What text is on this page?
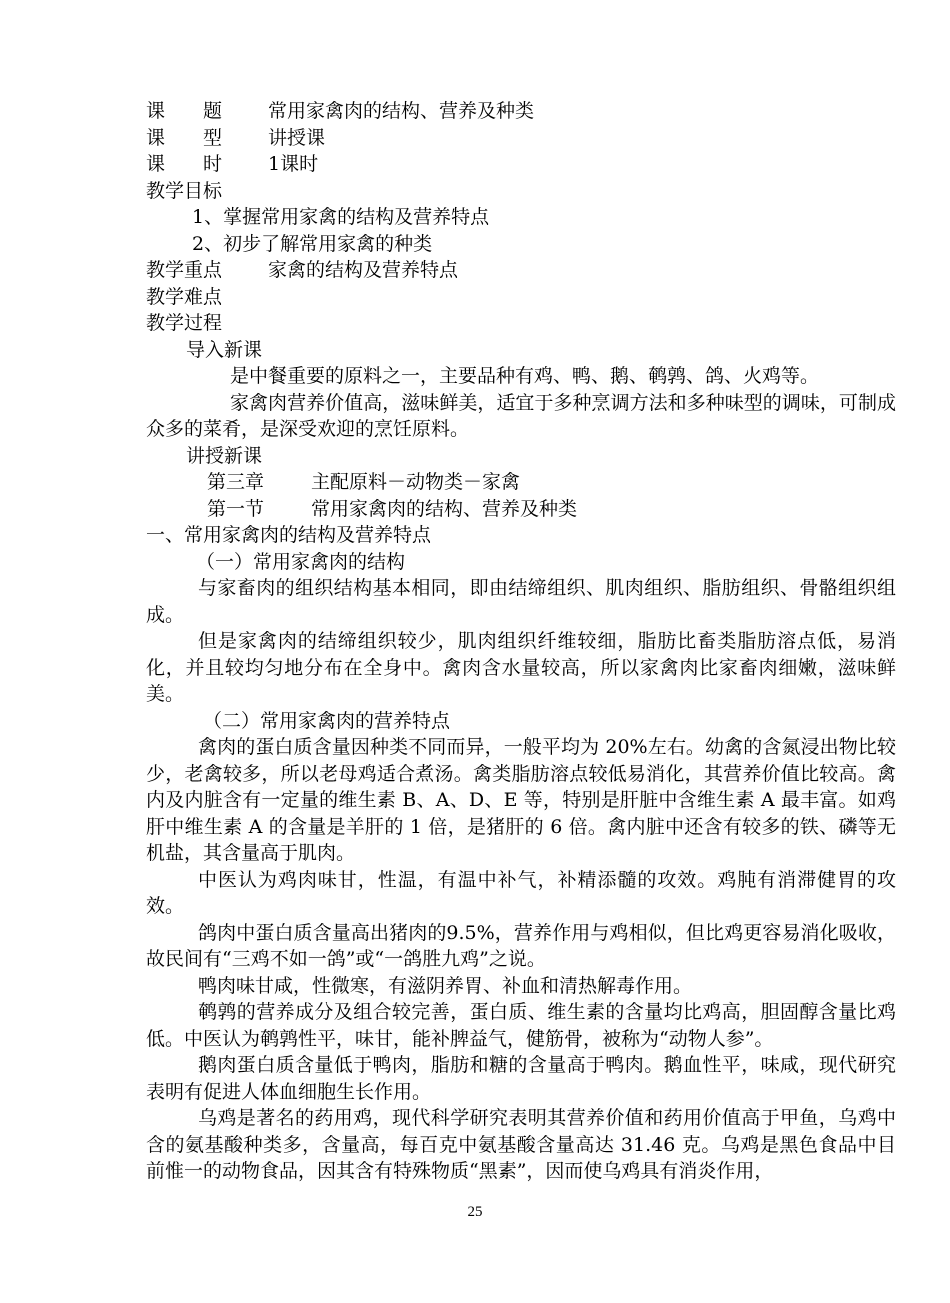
课　　题 常用家禽肉的结构、营养及种类
课　　型 讲授课
课　　时 1课时
教学目标
1、掌握常用家禽的结构及营养特点
2、初步了解常用家禽的种类
教学重点 家禽的结构及营养特点
教学难点
教学过程
导入新课
是中餐重要的原料之一，主要品种有鸡、鸭、鹅、鹌鹑、鸽、火鸡等。
家禽肉营养价值高，滋味鲜美，适宜于多种烹调方法和多种味型的调味，可制成众多的菜肴，是深受欢迎的烹饪原料。
讲授新课
第三章 主配原料－动物类－家禽
第一节 常用家禽肉的结构、营养及种类
一、常用家禽肉的结构及营养特点
（一）常用家禽肉的结构
与家畜肉的组织结构基本相同，即由结缔组织、肌肉组织、脂肪组织、骨骼组织组成。
但是家禽肉的结缔组织较少，肌肉组织纤维较细，脂肪比畜类脂肪溶点低，易消化，并且较均匀地分布在全身中。禽肉含水量较高，所以家禽肉比家畜肉细嫩，滋味鲜美。
（二）常用家禽肉的营养特点
禽肉的蛋白质含量因种类不同而异，一般平均为 20%左右。幼禽的含氮浸出物比较少，老禽较多，所以老母鸡适合煮汤。禽类脂肪溶点较低易消化，其营养价值比较高。禽内及内脏含有一定量的维生素 B、A、D、E 等，特别是肝脏中含维生素 A 最丰富。如鸡肝中维生素 A 的含量是羊肝的 1 倍，是猪肝的 6 倍。禽内脏中还含有较多的铁、磷等无机盐，其含量高于肌肉。
中医认为鸡肉味甘，性温，有温中补气，补精添髓的攻效。鸡肫有消滞健胃的攻效。
鸽肉中蛋白质含量高出猪肉的9.5%，营养作用与鸡相似，但比鸡更容易消化吸收，故民间有“三鸡不如一鸽”或“一鸽胜九鸡”之说。
鸭肉味甘咸，性微寒，有滋阴养胃、补血和清热解毒作用。
鹌鹑的营养成分及组合较完善，蛋白质、维生素的含量均比鸡高，胆固醇含量比鸡低。中医认为鹌鹑性平，味甘，能补脾益气，健筋骨，被称为“动物人参”。
鹅肉蛋白质含量低于鸭肉，脂肪和糖的含量高于鸭肉。鹅血性平，味咸，现代研究表明有促进人体血细胞生长作用。
乌鸡是著名的药用鸡，现代科学研究表明其营养价值和药用价值高于甲鱼，乌鸡中含的氨基酸种类多，含量高，每百克中氨基酸含量高达 31.46 克。乌鸡是黑色食品中目前惟一的动物食品，因其含有特殊物质“黑素”，因而使乌鸡具有消炎作用，
25
